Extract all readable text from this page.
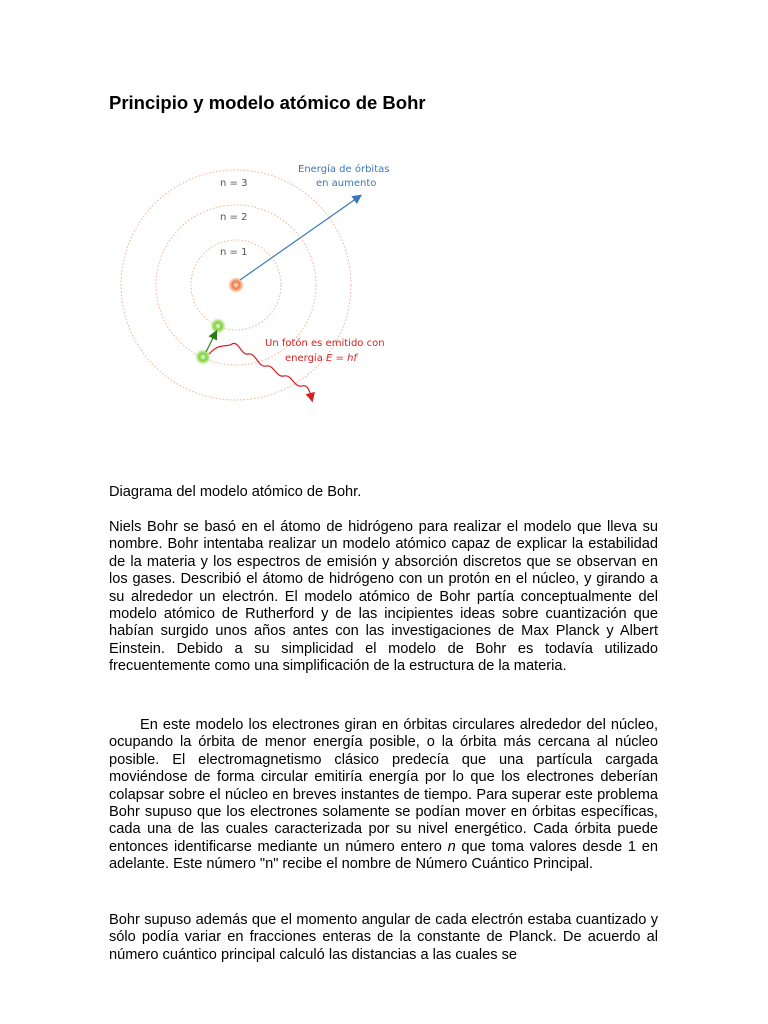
Principio y modelo atómico de Bohr
n = 1
n = 2
n = 3
Energía de órbitas
en aumento
Un fotón es emitido con
energía E = hf

Diagrama del modelo atómico de Bohr.

Niels Bohr se basó en el átomo de hidrógeno para realizar el modelo que lleva su nombre. Bohr intentaba realizar un modelo atómico capaz de explicar la estabilidad de la materia y los espectros de emisión y absorción discretos que se observan en los gases. Describió el átomo de hidrógeno con un protón en el núcleo, y girando a su alrededor un electrón. El modelo atómico de Bohr partía conceptualmente del modelo atómico de Rutherford y de las incipientes ideas sobre cuantización que habían surgido unos años antes con las investigaciones de Max Planck y Albert Einstein. Debido a su simplicidad el modelo de Bohr es todavía utilizado frecuentemente como una simplificación de la estructura de la materia.

En este modelo los electrones giran en órbitas circulares alrededor del núcleo, ocupando la órbita de menor energía posible, o la órbita más cercana al núcleo posible. El electromagnetismo clásico predecía que una partícula cargada moviéndose de forma circular emitiría energía por lo que los electrones deberían colapsar sobre el núcleo en breves instantes de tiempo. Para superar este problema Bohr supuso que los electrones solamente se podían mover en órbitas específicas, cada una de las cuales caracterizada por su nivel energético. Cada órbita puede entonces identificarse mediante un número entero n que toma valores desde 1 en adelante. Este número "n" recibe el nombre de Número Cuántico Principal.

Bohr supuso además que el momento angular de cada electrón estaba cuantizado y sólo podía variar en fracciones enteras de la constante de Planck. De acuerdo al número cuántico principal calculó las distancias a las cuales se
